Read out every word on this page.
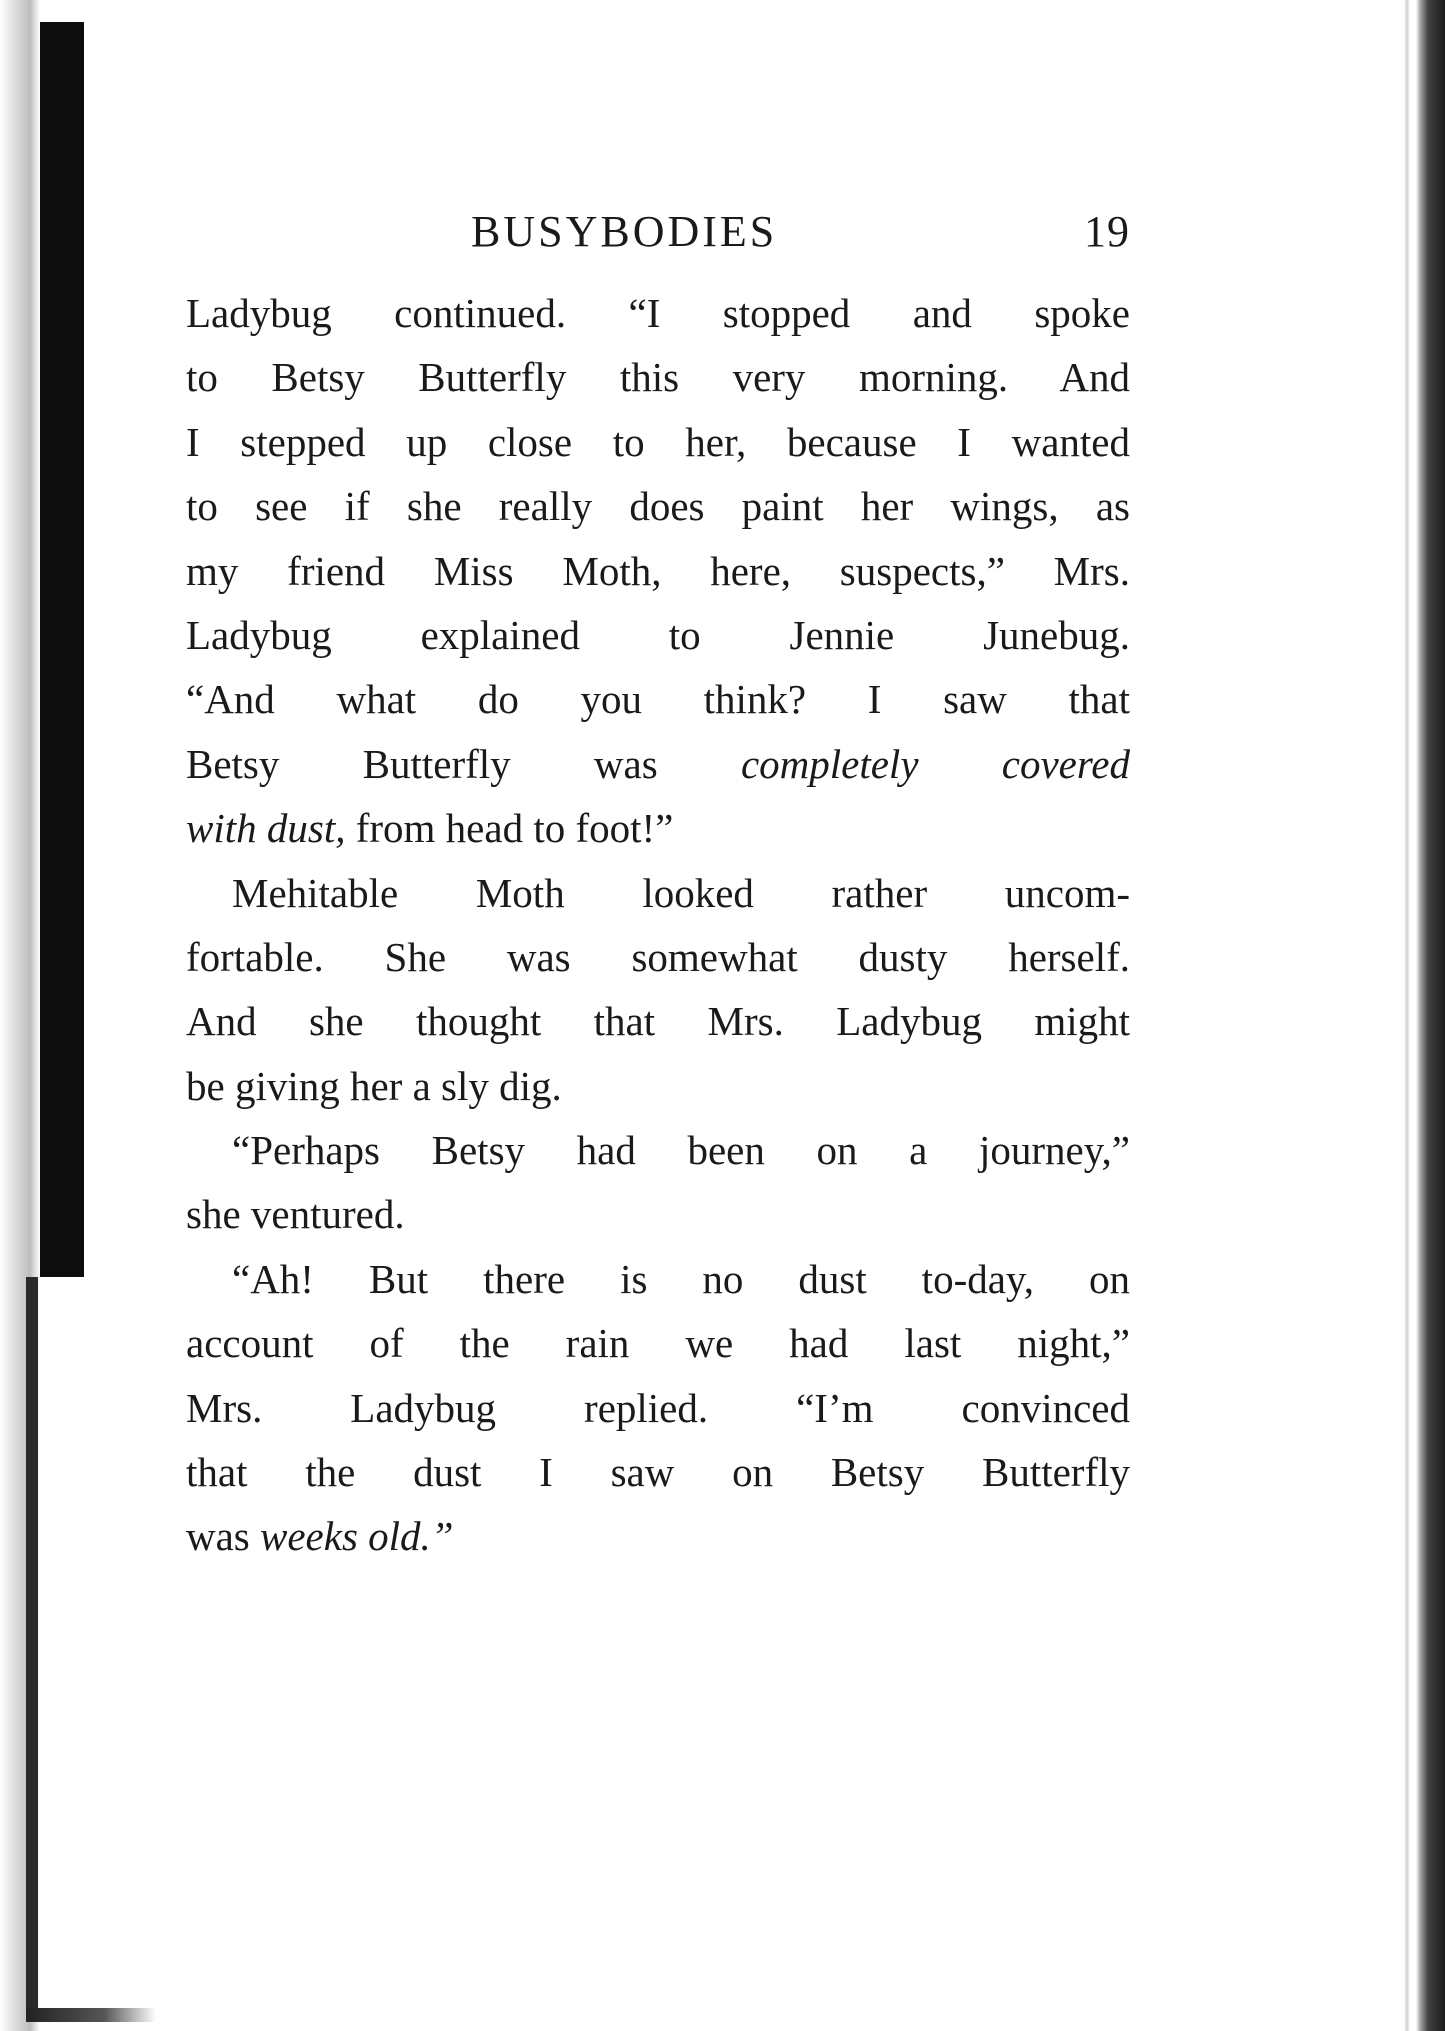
BUSYBODIES	19
Ladybug continued. “I stopped and spoke
to Betsy Butterfly this very morning. And
I stepped up close to her, because I wanted
to see if she really does paint her wings, as
my friend Miss Moth, here, suspects,” Mrs.
Ladybug explained to Jennie Junebug.
“And what do you think? I saw that
Betsy Butterfly was completely covered
with dust, from head to foot!”
Mehitable Moth looked rather uncom-
fortable. She was somewhat dusty herself.
And she thought that Mrs. Ladybug might
be giving her a sly dig.
“Perhaps Betsy had been on a journey,”
she ventured.
“Ah! But there is no dust to-day, on
account of the rain we had last night,”
Mrs. Ladybug replied. “I’m convinced
that the dust I saw on Betsy Butterfly
was weeks old.”
